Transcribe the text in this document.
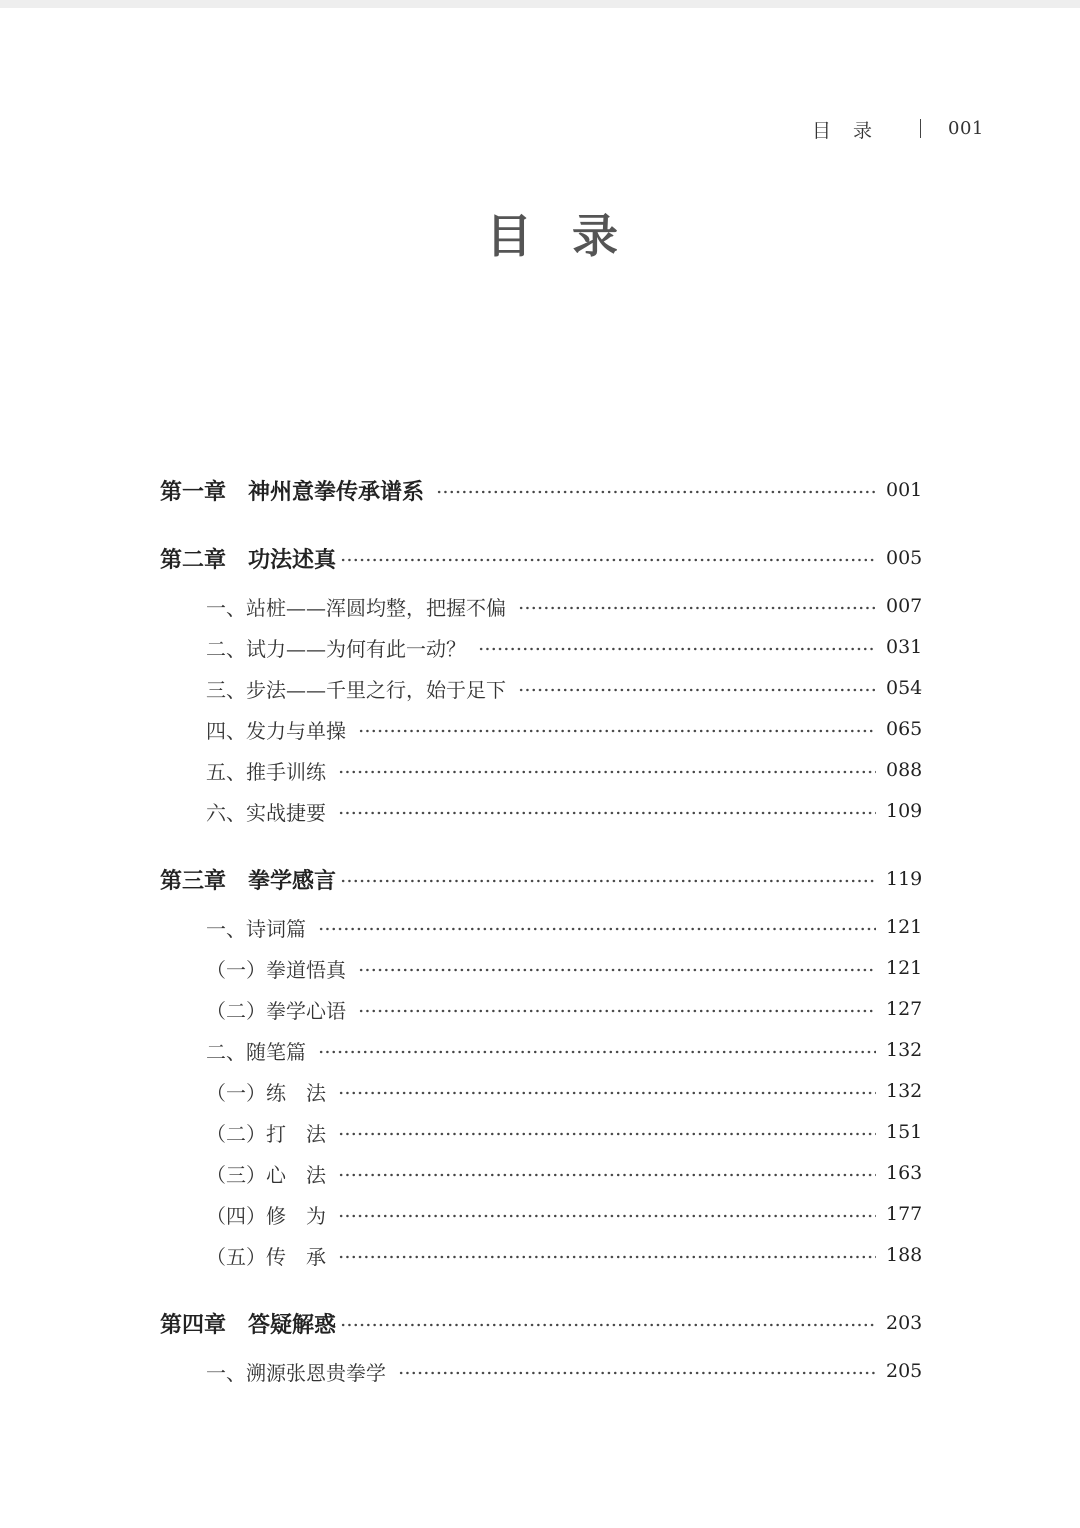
目录	001
目 录
第一章　神州意拳传承谱系	001
第二章　功法述真	005
一、站桩——浑圆均整，把握不偏	007
二、试力——为何有此一动？	031
三、步法——千里之行，始于足下	054
四、发力与单操	065
五、推手训练	088
六、实战捷要	109
第三章　拳学感言	119
一、诗词篇	121
（一）拳道悟真	121
（二）拳学心语	127
二、随笔篇	132
（一）练　法	132
（二）打　法	151
（三）心　法	163
（四）修　为	177
（五）传　承	188
第四章　答疑解惑	203
一、溯源张恩贵拳学	205
